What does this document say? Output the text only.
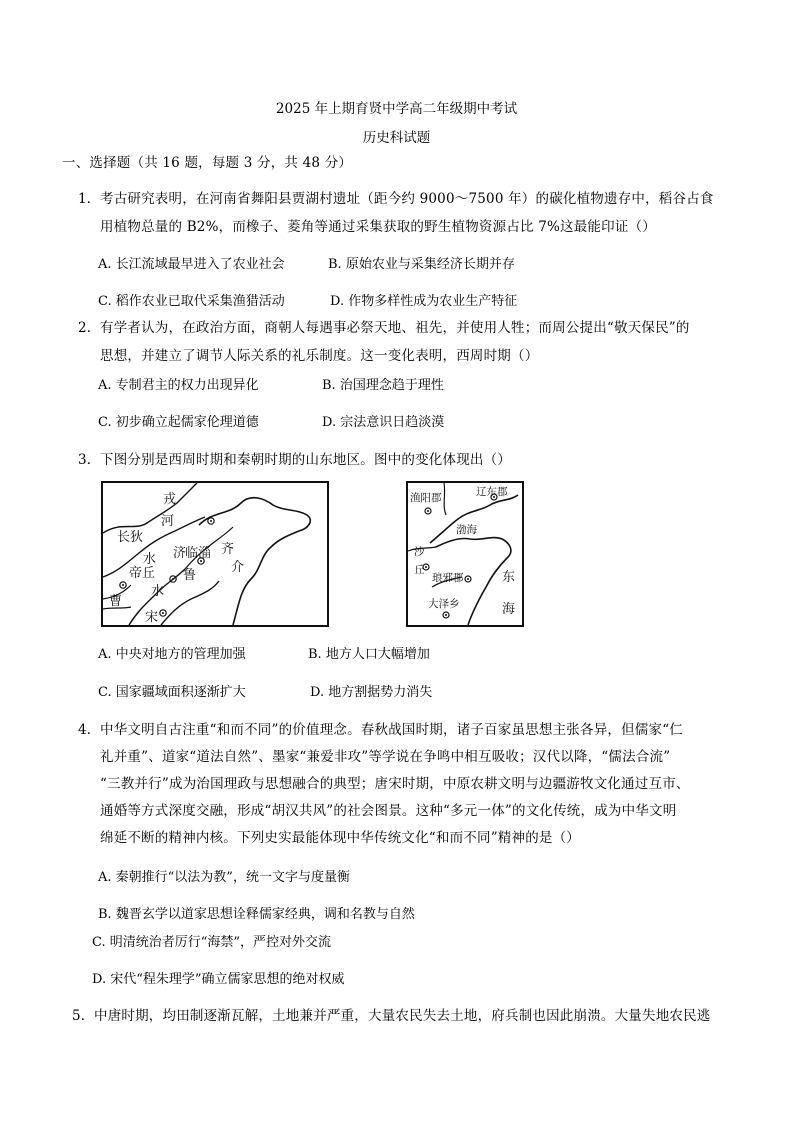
2025 年上期育贤中学高二年级期中考试
历史科试题
一、选择题（共 16 题，每题 3 分，共 48 分）
1． 考古研究表明，在河南省舞阳县贾湖村遗址（距今约 9000～7500 年）的碳化植物遗存中，稻谷占食
用植物总量的 B2%，而橡子、菱角等通过采集获取的野生植物资源占比 7%这最能印证（）
A. 长江流域最早进入了农业社会	B. 原始农业与采集经济长期并存
C. 稻作农业已取代采集渔猎活动	D. 作物多样性成为农业生产特征
2． 有学者认为，在政治方面，商朝人每遇事必祭天地、祖先，并使用人牲；而周公提出“敬天保民”的
思想，并建立了调节人际关系的礼乐制度。这一变化表明，西周时期（）
A. 专制君主的权力出现异化	B. 治国理念趋于理性
C. 初步确立起儒家伦理道德	D. 宗法意识日趋淡漠
3． 下图分别是西周时期和秦朝时期的山东地区。图中的变化体现出（）
戎
河
长狄
水 济
临淄 齐
帝丘	介
鲁
水
曹
宋
渔阳郡	辽东郡
渤海
沙
丘
琅邪郡	东
海
大泽乡
A. 中央对地方的管理加强	B. 地方人口大幅增加
C. 国家疆域面积逐渐扩大	D. 地方割据势力消失
4． 中华文明自古注重“和而不同”的价值理念。春秋战国时期，诸子百家虽思想主张各异，但儒家“仁
礼并重”、道家“道法自然”、墨家“兼爱非攻”等学说在争鸣中相互吸收；汉代以降，“儒法合流”
“三教并行”成为治国理政与思想融合的典型；唐宋时期，中原农耕文明与边疆游牧文化通过互市、
通婚等方式深度交融，形成“胡汉共风”的社会图景。这种“多元一体”的文化传统，成为中华文明
绵延不断的精神内核。下列史实最能体现中华传统文化“和而不同”精神的是（）
A. 秦朝推行“以法为教”，统一文字与度量衡
B. 魏晋玄学以道家思想诠释儒家经典，调和名教与自然
C. 明清统治者厉行“海禁”，严控对外交流
D. 宋代“程朱理学”确立儒家思想的绝对权威
5． 中唐时期，均田制逐渐瓦解，土地兼并严重，大量农民失去土地，府兵制也因此崩溃。大量失地农民逃
